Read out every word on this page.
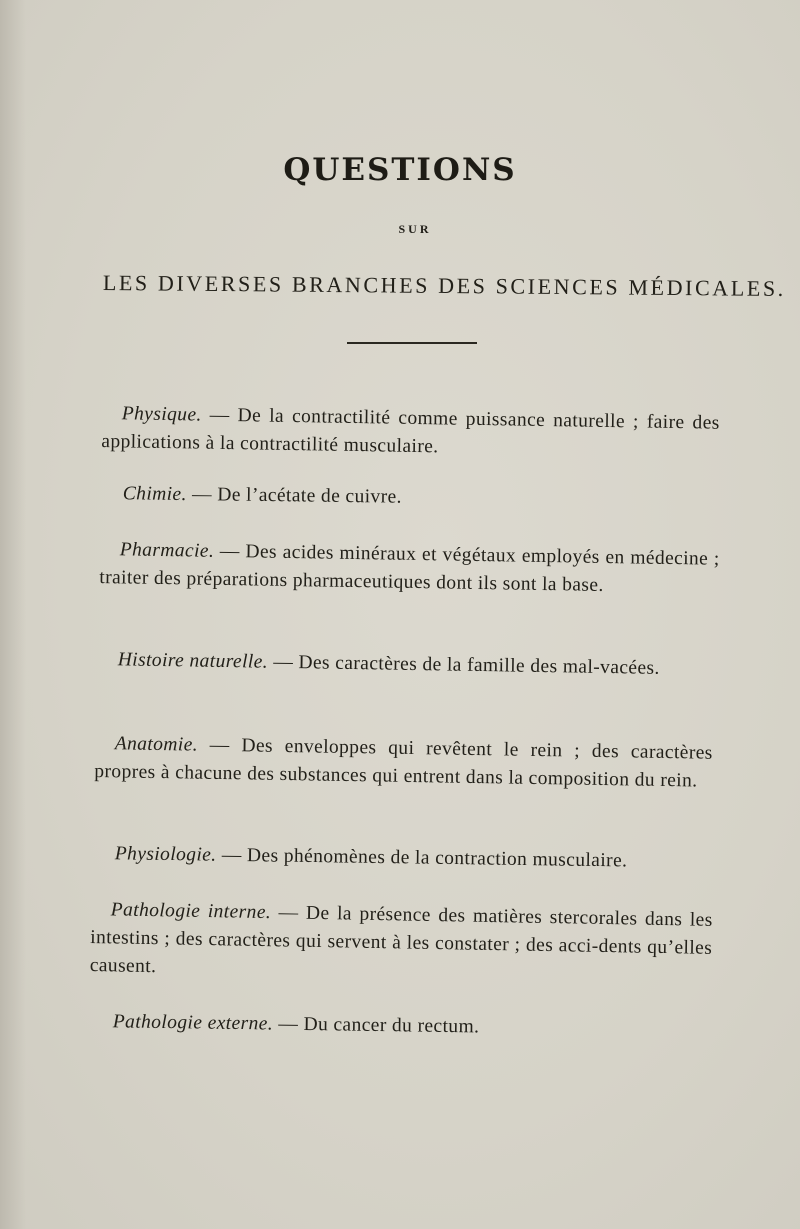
QUESTIONS
SUR
LES DIVERSES BRANCHES DES SCIENCES MÉDICALES.
Physique. — De la contractilité comme puissance naturelle ; faire des applications à la contractilité musculaire.
Chimie. — De l’acétate de cuivre.
Pharmacie. — Des acides minéraux et végétaux employés en médecine ; traiter des préparations pharmaceutiques dont ils sont la base.
Histoire naturelle. — Des caractères de la famille des mal-vacées.
Anatomie. — Des enveloppes qui revêtent le rein ; des caractères propres à chacune des substances qui entrent dans la composition du rein.
Physiologie. — Des phénomènes de la contraction musculaire.
Pathologie interne. — De la présence des matières stercorales dans les intestins ; des caractères qui servent à les constater ; des acci-dents qu’elles causent.
Pathologie externe. — Du cancer du rectum.
